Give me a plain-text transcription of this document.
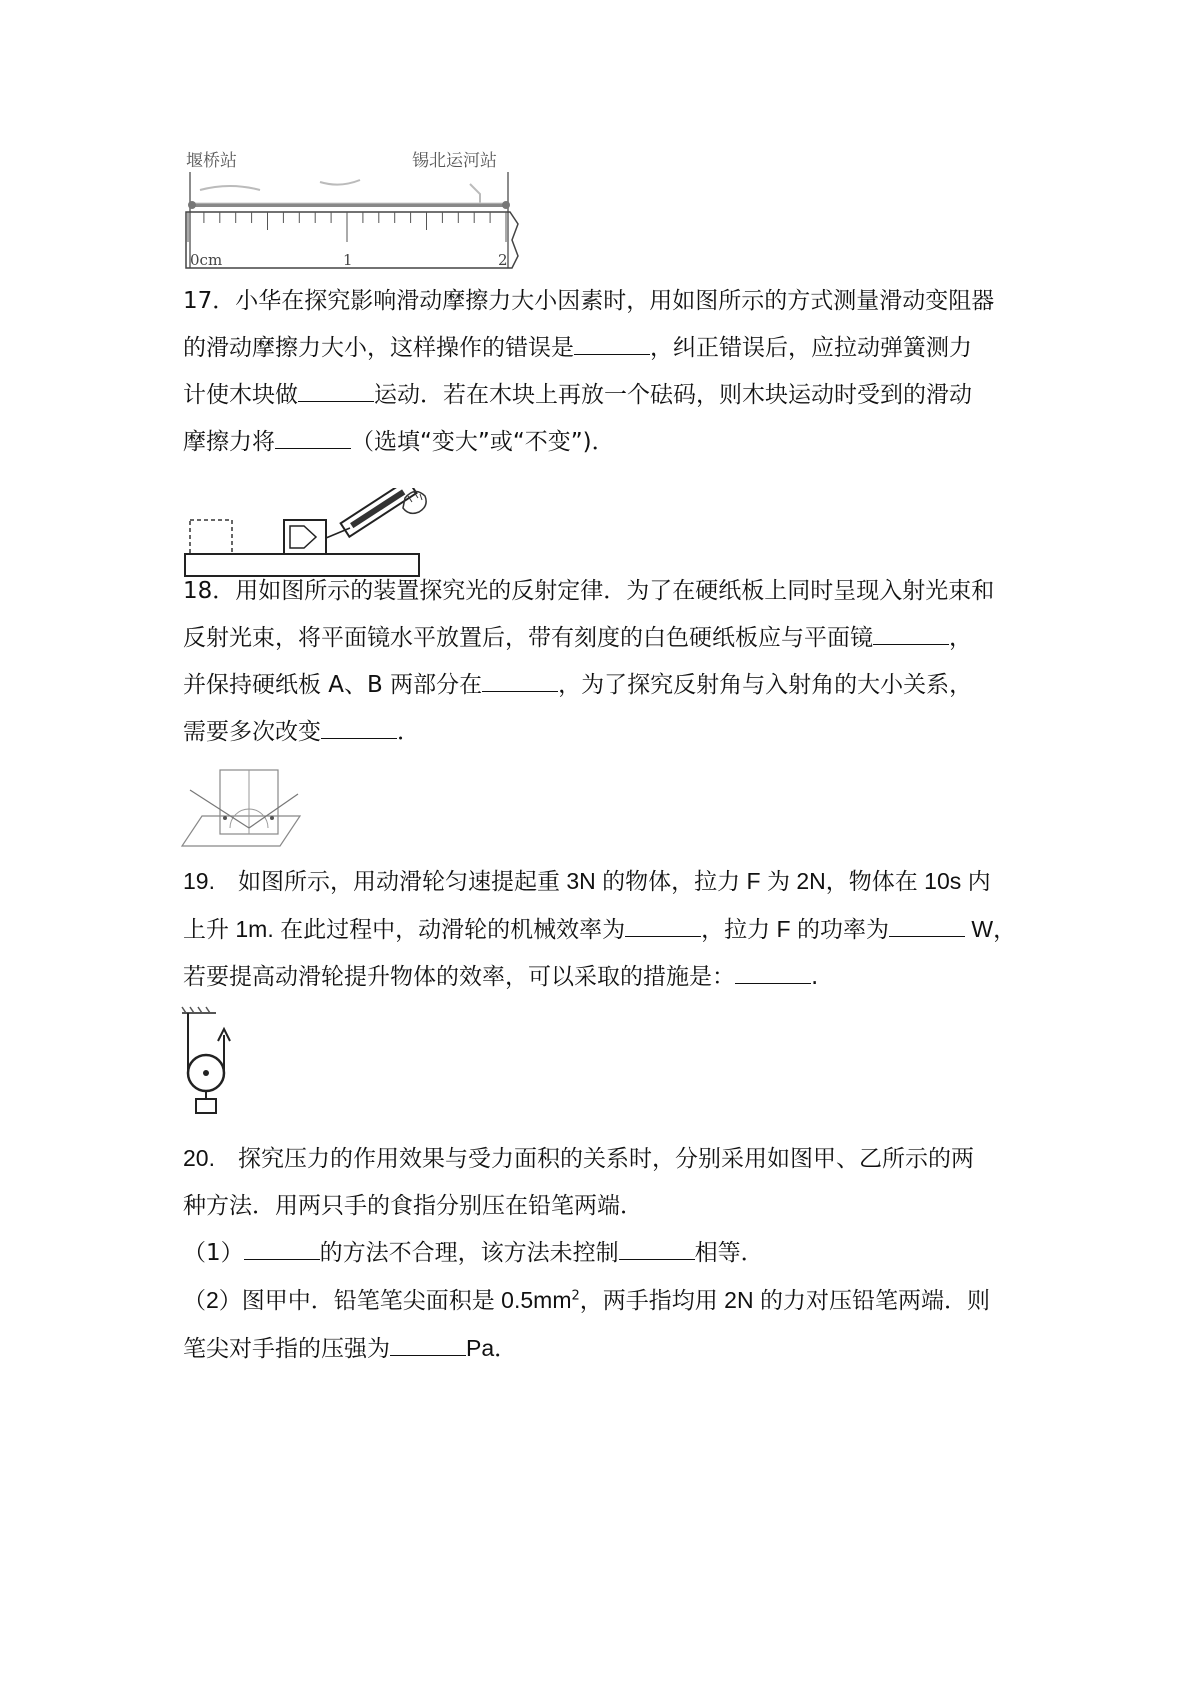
堰桥站	锡北运河站
0cm	1	2

17．小华在探究影响滑动摩擦力大小因素时，用如图所示的方式测量滑动变阻器

的滑动摩擦力大小，这样操作的错误是	，纠正错误后，应拉动弹簧测力

计使木块做	运动．若在木块上再放一个砝码，则木块运动时受到的滑动

摩擦力将	（选填“变大”或“不变”)．

18．用如图所示的装置探究光的反射定律．为了在硬纸板上同时呈现入射光束和

反射光束，将平面镜水平放置后，带有刻度的白色硬纸板应与平面镜	，

并保持硬纸板 A、B 两部分在	，为了探究反射角与入射角的大小关系，

需要多次改变	．

19.　如图所示，用动滑轮匀速提起重 3N 的物体，拉力 F 为 2N，物体在 10s 内

上升 1m. 在此过程中，动滑轮的机械效率为	，拉力 F 的功率为	W，

若要提高动滑轮提升物体的效率，可以采取的措施是：	.

20.　探究压力的作用效果与受力面积的关系时，分别采用如图甲、乙所示的两

种方法．用两只手的食指分别压在铅笔两端．

（1）	的方法不合理，该方法未控制	相等．

（2）图甲中．铅笔笔尖面积是 $0.5mm^2$，两手指均用 2N 的力对压铅笔两端．则

笔尖对手指的压强为	Pa．
